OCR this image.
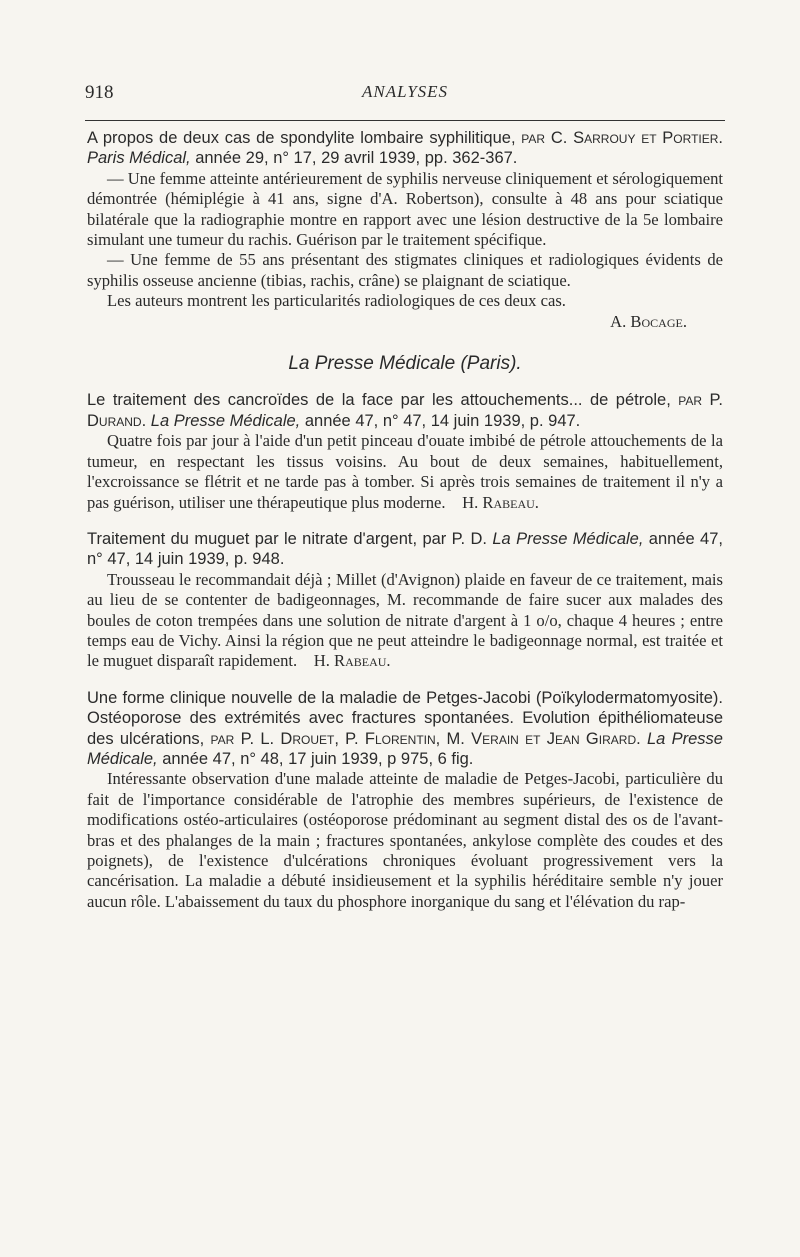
918	ANALYSES

A propos de deux cas de spondylite lombaire syphilitique, par C. Sarrouy et Portier. Paris Médical, année 29, n° 17, 29 avril 1939, pp. 362-367.

— Une femme atteinte antérieurement de syphilis nerveuse cliniquement et sérologiquement démontrée (hémiplégie à 41 ans, signe d'A. Robertson), consulte à 48 ans pour sciatique bilatérale que la radiographie montre en rapport avec une lésion destructive de la 5e lombaire simulant une tumeur du rachis. Guérison par le traitement spécifique.

— Une femme de 55 ans présentant des stigmates cliniques et radiologiques évidents de syphilis osseuse ancienne (tibias, rachis, crâne) se plaignant de sciatique.

Les auteurs montrent les particularités radiologiques de ces deux cas.

A. Bocage.

La Presse Médicale (Paris).

Le traitement des cancroïdes de la face par les attouchements... de pétrole, par P. Durand. La Presse Médicale, année 47, n° 47, 14 juin 1939, p. 947.

Quatre fois par jour à l'aide d'un petit pinceau d'ouate imbibé de pétrole attouchements de la tumeur, en respectant les tissus voisins. Au bout de deux semaines, habituellement, l'excroissance se flétrit et ne tarde pas à tomber. Si après trois semaines de traitement il n'y a pas guérison, utiliser une thérapeutique plus moderne. H. Rabeau.

Traitement du muguet par le nitrate d'argent, par P. D. La Presse Médicale, année 47, n° 47, 14 juin 1939, p. 948.

Trousseau le recommandait déjà ; Millet (d'Avignon) plaide en faveur de ce traitement, mais au lieu de se contenter de badigeonnages, M. recommande de faire sucer aux malades des boules de coton trempées dans une solution de nitrate d'argent à 1 o/o, chaque 4 heures ; entre temps eau de Vichy. Ainsi la région que ne peut atteindre le badigeonnage normal, est traitée et le muguet disparaît rapidement. H. Rabeau.

Une forme clinique nouvelle de la maladie de Petges-Jacobi (Poïkylodermatomyosite). Ostéoporose des extrémités avec fractures spontanées. Evolution épithéliomateuse des ulcérations, par P. L. Drouet, P. Florentin, M. Verain et Jean Girard. La Presse Médicale, année 47, n° 48, 17 juin 1939, p 975, 6 fig.

Intéressante observation d'une malade atteinte de maladie de Petges-Jacobi, particulière du fait de l'importance considérable de l'atrophie des membres supérieurs, de l'existence de modifications ostéo-articulaires (ostéoporose prédominant au segment distal des os de l'avant-bras et des phalanges de la main ; fractures spontanées, ankylose complète des coudes et des poignets), de l'existence d'ulcérations chroniques évoluant progressivement vers la cancérisation. La maladie a débuté insidieusement et la syphilis héréditaire semble n'y jouer aucun rôle. L'abaissement du taux du phosphore inorganique du sang et l'élévation du rap-
